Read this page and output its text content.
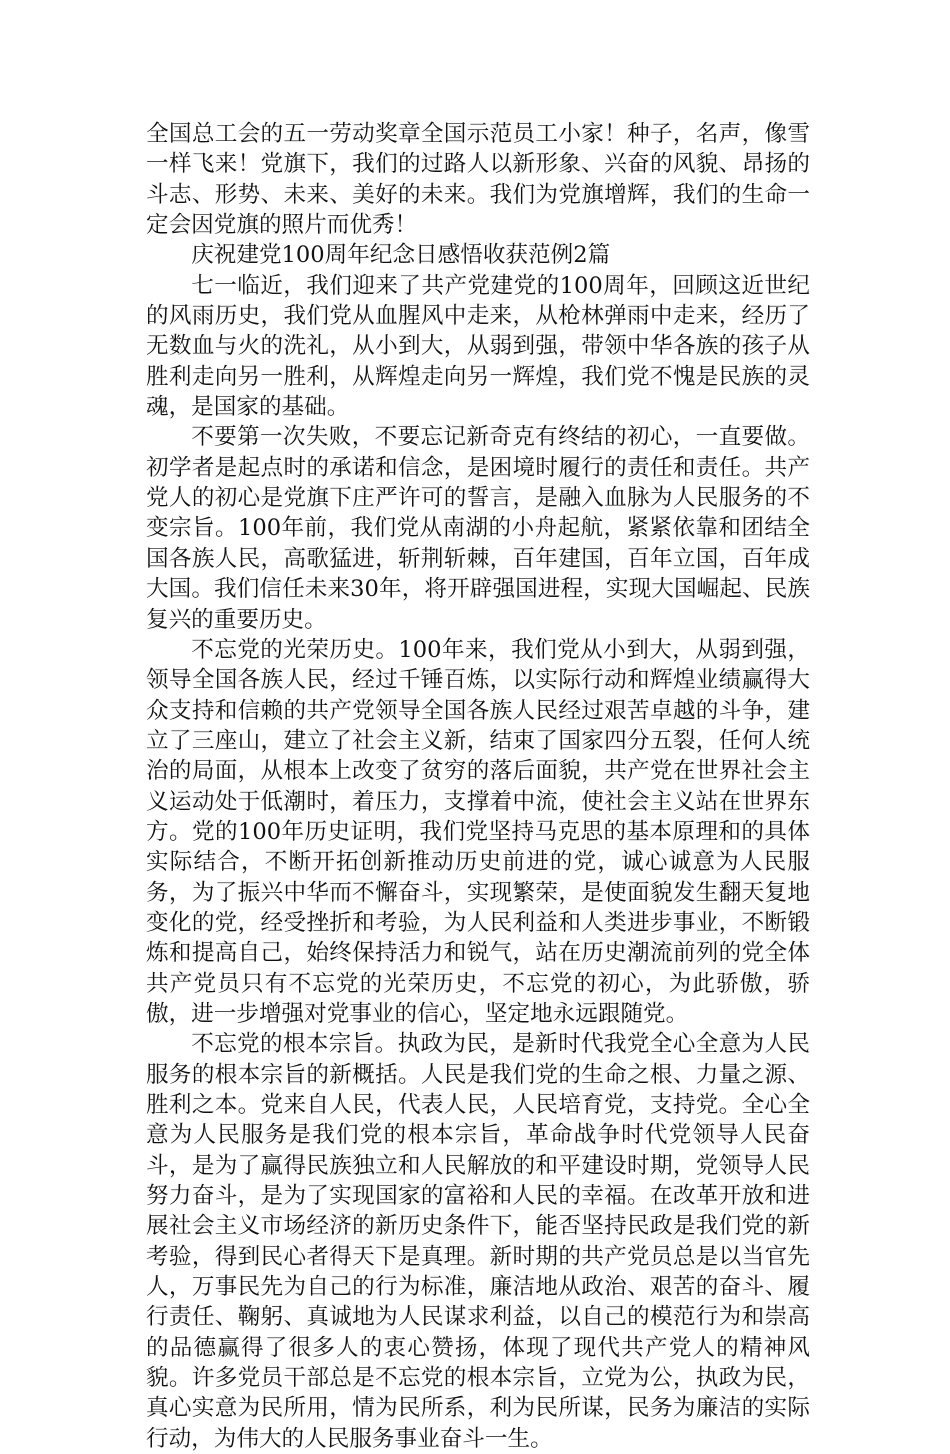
全国总工会的五一劳动奖章全国示范员工小家！种子，名声，像雪一样飞来！党旗下，我们的过路人以新形象、兴奋的风貌、昂扬的斗志、形势、未来、美好的未来。我们为党旗增辉，我们的生命一定会因党旗的照片而优秀！

庆祝建党100周年纪念日感悟收获范例2篇

七一临近，我们迎来了共产党建党的100周年，回顾这近世纪的风雨历史，我们党从血腥风中走来，从枪林弹雨中走来，经历了无数血与火的洗礼，从小到大，从弱到强，带领中华各族的孩子从胜利走向另一胜利，从辉煌走向另一辉煌，我们党不愧是民族的灵魂，是国家的基础。

不要第一次失败，不要忘记新奇克有终结的初心，一直要做。初学者是起点时的承诺和信念，是困境时履行的责任和责任。共产党人的初心是党旗下庄严许可的誓言，是融入血脉为人民服务的不变宗旨。100年前，我们党从南湖的小舟起航，紧紧依靠和团结全国各族人民，高歌猛进，斩荆斩棘，百年建国，百年立国，百年成大国。我们信任未来30年，将开辟强国进程，实现大国崛起、民族复兴的重要历史。

不忘党的光荣历史。100年来，我们党从小到大，从弱到强，领导全国各族人民，经过千锤百炼，以实际行动和辉煌业绩赢得大众支持和信赖的共产党领导全国各族人民经过艰苦卓越的斗争，建立了三座山，建立了社会主义新，结束了国家四分五裂，任何人统治的局面，从根本上改变了贫穷的落后面貌，共产党在世界社会主义运动处于低潮时，着压力，支撑着中流，使社会主义站在世界东方。党的100年历史证明，我们党坚持马克思的基本原理和的具体实际结合，不断开拓创新推动历史前进的党，诚心诚意为人民服务，为了振兴中华而不懈奋斗，实现繁荣，是使面貌发生翻天复地变化的党，经受挫折和考验，为人民利益和人类进步事业，不断锻炼和提高自己，始终保持活力和锐气，站在历史潮流前列的党全体共产党员只有不忘党的光荣历史，不忘党的初心，为此骄傲，骄傲，进一步增强对党事业的信心，坚定地永远跟随党。

不忘党的根本宗旨。执政为民，是新时代我党全心全意为人民服务的根本宗旨的新概括。人民是我们党的生命之根、力量之源、胜利之本。党来自人民，代表人民，人民培育党，支持党。全心全意为人民服务是我们党的根本宗旨，革命战争时代党领导人民奋斗，是为了赢得民族独立和人民解放的和平建设时期，党领导人民努力奋斗，是为了实现国家的富裕和人民的幸福。在改革开放和进展社会主义市场经济的新历史条件下，能否坚持民政是我们党的新考验，得到民心者得天下是真理。新时期的共产党员总是以当官先人，万事民先为自己的行为标准，廉洁地从政治、艰苦的奋斗、履行责任、鞠躬、真诚地为人民谋求利益，以自己的模范行为和崇高的品德赢得了很多人的衷心赞扬，体现了现代共产党人的精神风貌。许多党员干部总是不忘党的根本宗旨，立党为公，执政为民，真心实意为民所用，情为民所系，利为民所谋，民务为廉洁的实际行动，为伟大的人民服务事业奋斗一生。
